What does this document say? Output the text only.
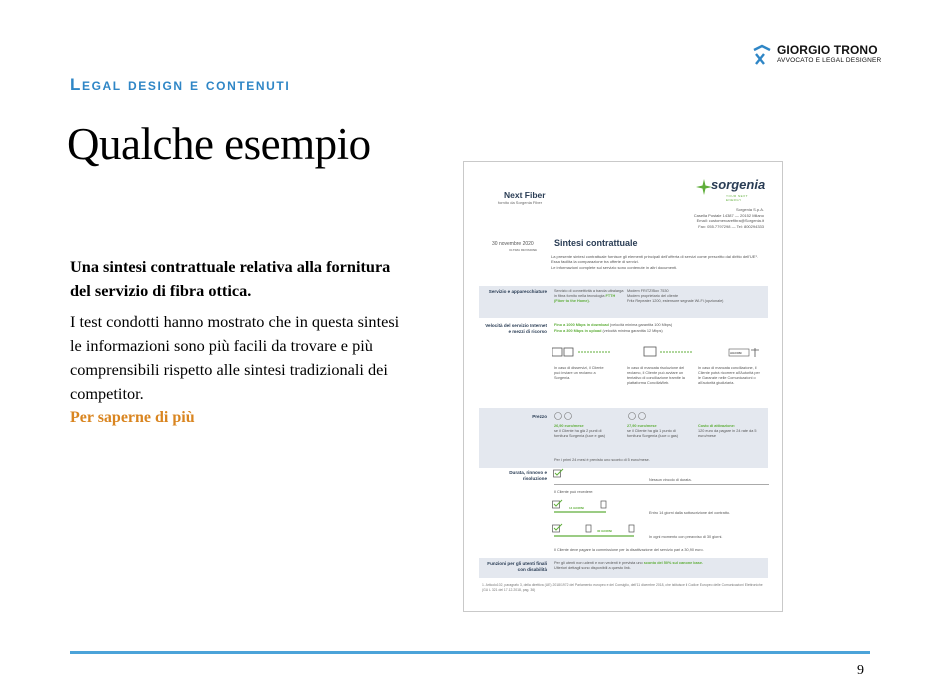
GIORGIO TRONO
AVVOCATO E LEGAL DESIGNER
Legal design e contenuti
Qualche esempio
Una sintesi contrattuale relativa alla fornitura del servizio di fibra ottica.
I test condotti hanno mostrato che in questa sintesi le informazioni sono più facili da trovare e più comprensibili rispetto alle sintesi tradizionali dei competitor.
Per saperne di più
Next Fiber
fornito da Sorgenia Fiber
sorgenia
YOUR NEXT ENERGY
Sorgenia S.p.A.
Casella Postale 14387 — 20152 Milano
Email: customercarefibra@Sorgenia.it
Fax: 055.7797298 — Tel: 800294333
30 novembre 2020
ULTIMA REVISIONE
Sintesi contrattuale
La presente sintesi contrattuale fornisce gli elementi principali dell'offerta di servizi come prescritto dal diritto dell'UE¹.
Essa facilita la comparazione tra offerte di servizi.
Le informazioni complete sul servizio sono contenute in altri documenti.
Servizio e apparecchiature Servizio di connettività a banda ultralarga in fibra fornito nella tecnologia FTTH (Fiber to the Home).
Modem FRITZ!Box 7530
Modem proprietario del cliente
Fritz Repeater 1200, estensore segnale Wi-Fi (opzionale)
Velocità del servizio Internet e mezzi di ricorso
Fino a 1000 Mbps in download (velocità minima garantita 100 Mbps)
Fino a 300 Mbps in upload (velocità minima garantita 12 Mbps)
AGCOM
In caso di disservizi, il Cliente può inviare un reclamo a Sorgenia.
In caso di mancata risoluzione del reclamo, il Cliente può avviare un tentativo di conciliazione tramite la piattaforma ConciliaWeb.
In caso di mancata conciliazione, il Cliente potrà ricorrere all'Autorità per le Garanzie nelle Comunicazioni o all'autorità giudiziaria.
Prezzo
26,90 euro/mese
se il Cliente ha già 2 punti di fornitura Sorgenia (luce e gas)
27,90 euro/mese
se il Cliente ha già 1 punto di fornitura Sorgenia (luce o gas)
Costo di attivazione:
120 euro da pagare in 24 rate da 5 euro/mese
Per i primi 24 mesi è previsto uno sconto di 5 euro/mese.
Durata, rinnovo e risoluzione	Nessun vincolo di durata.
Il Cliente può recedere:
14 GIORNI
Entro 14 giorni dalla sottoscrizione del contratto.
30 GIORNI
In ogni momento con preavviso di 30 giorni.
Il Cliente deve pagare la commissione per la disattivazione del servizio pari a 30,90 euro.
Funzioni per gli utenti finali con disabilità
Per gli utenti non udenti e non vedenti è prevista uno sconto del 50% sul canone base.
Ulteriori dettagli sono disponibili a questo link.
1. Articolo102, paragrafo 3, della direttiva (UE) 2018/1972 del Parlamento europeo e del Consiglio, dell'11 dicembre 2018, che istituisce il Codice Europeo delle Comunicazioni Elettroniche (GU L 321 del 17.12.2018, pag. 36)
9
